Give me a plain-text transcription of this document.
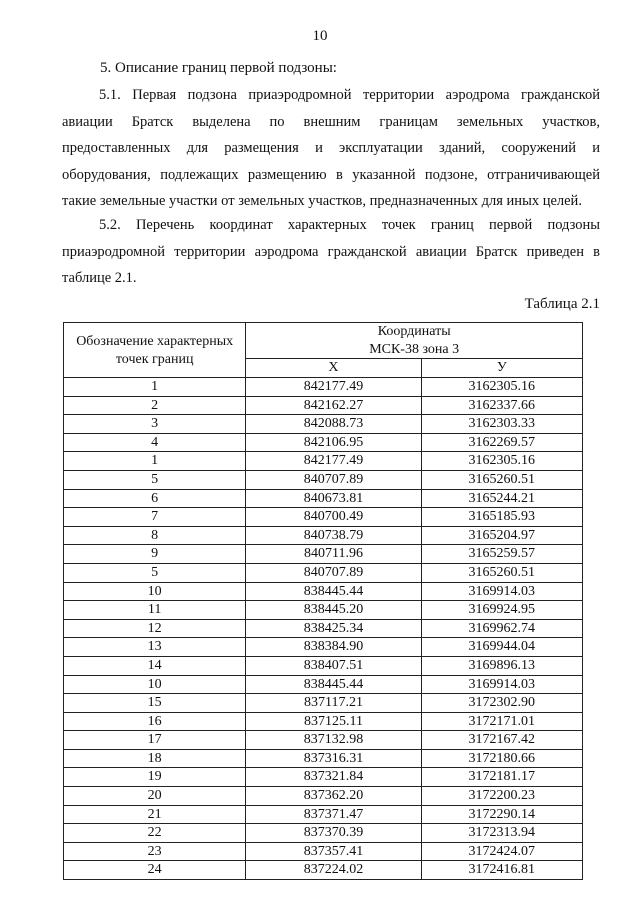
10
5. Описание границ первой подзоны:
5.1. Первая подзона приаэродромной территории аэродрома гражданской авиации Братск выделена по внешним границам земельных участков, предоставленных для размещения и эксплуатации зданий, сооружений и оборудования, подлежащих размещению в указанной подзоне, отграничивающей такие земельные участки от земельных участков, предназначенных для иных целей.
5.2. Перечень координат характерных точек границ первой подзоны приаэродромной территории аэродрома гражданской авиации Братск приведен в таблице 2.1.
Таблица 2.1
Обозначение характерных точек границ	Координаты
МСК-38 зона 3	

	X	У
1	842177.49	3162305.16
2	842162.27	3162337.66
3	842088.73	3162303.33
4	842106.95	3162269.57
1	842177.49	3162305.16
5	840707.89	3165260.51
6	840673.81	3165244.21
7	840700.49	3165185.93
8	840738.79	3165204.97
9	840711.96	3165259.57
5	840707.89	3165260.51
10	838445.44	3169914.03
11	838445.20	3169924.95
12	838425.34	3169962.74
13	838384.90	3169944.04
14	838407.51	3169896.13
10	838445.44	3169914.03
15	837117.21	3172302.90
16	837125.11	3172171.01
17	837132.98	3172167.42
18	837316.31	3172180.66
19	837321.84	3172181.17
20	837362.20	3172200.23
21	837371.47	3172290.14
22	837370.39	3172313.94
23	837357.41	3172424.07
24	837224.02	3172416.81
